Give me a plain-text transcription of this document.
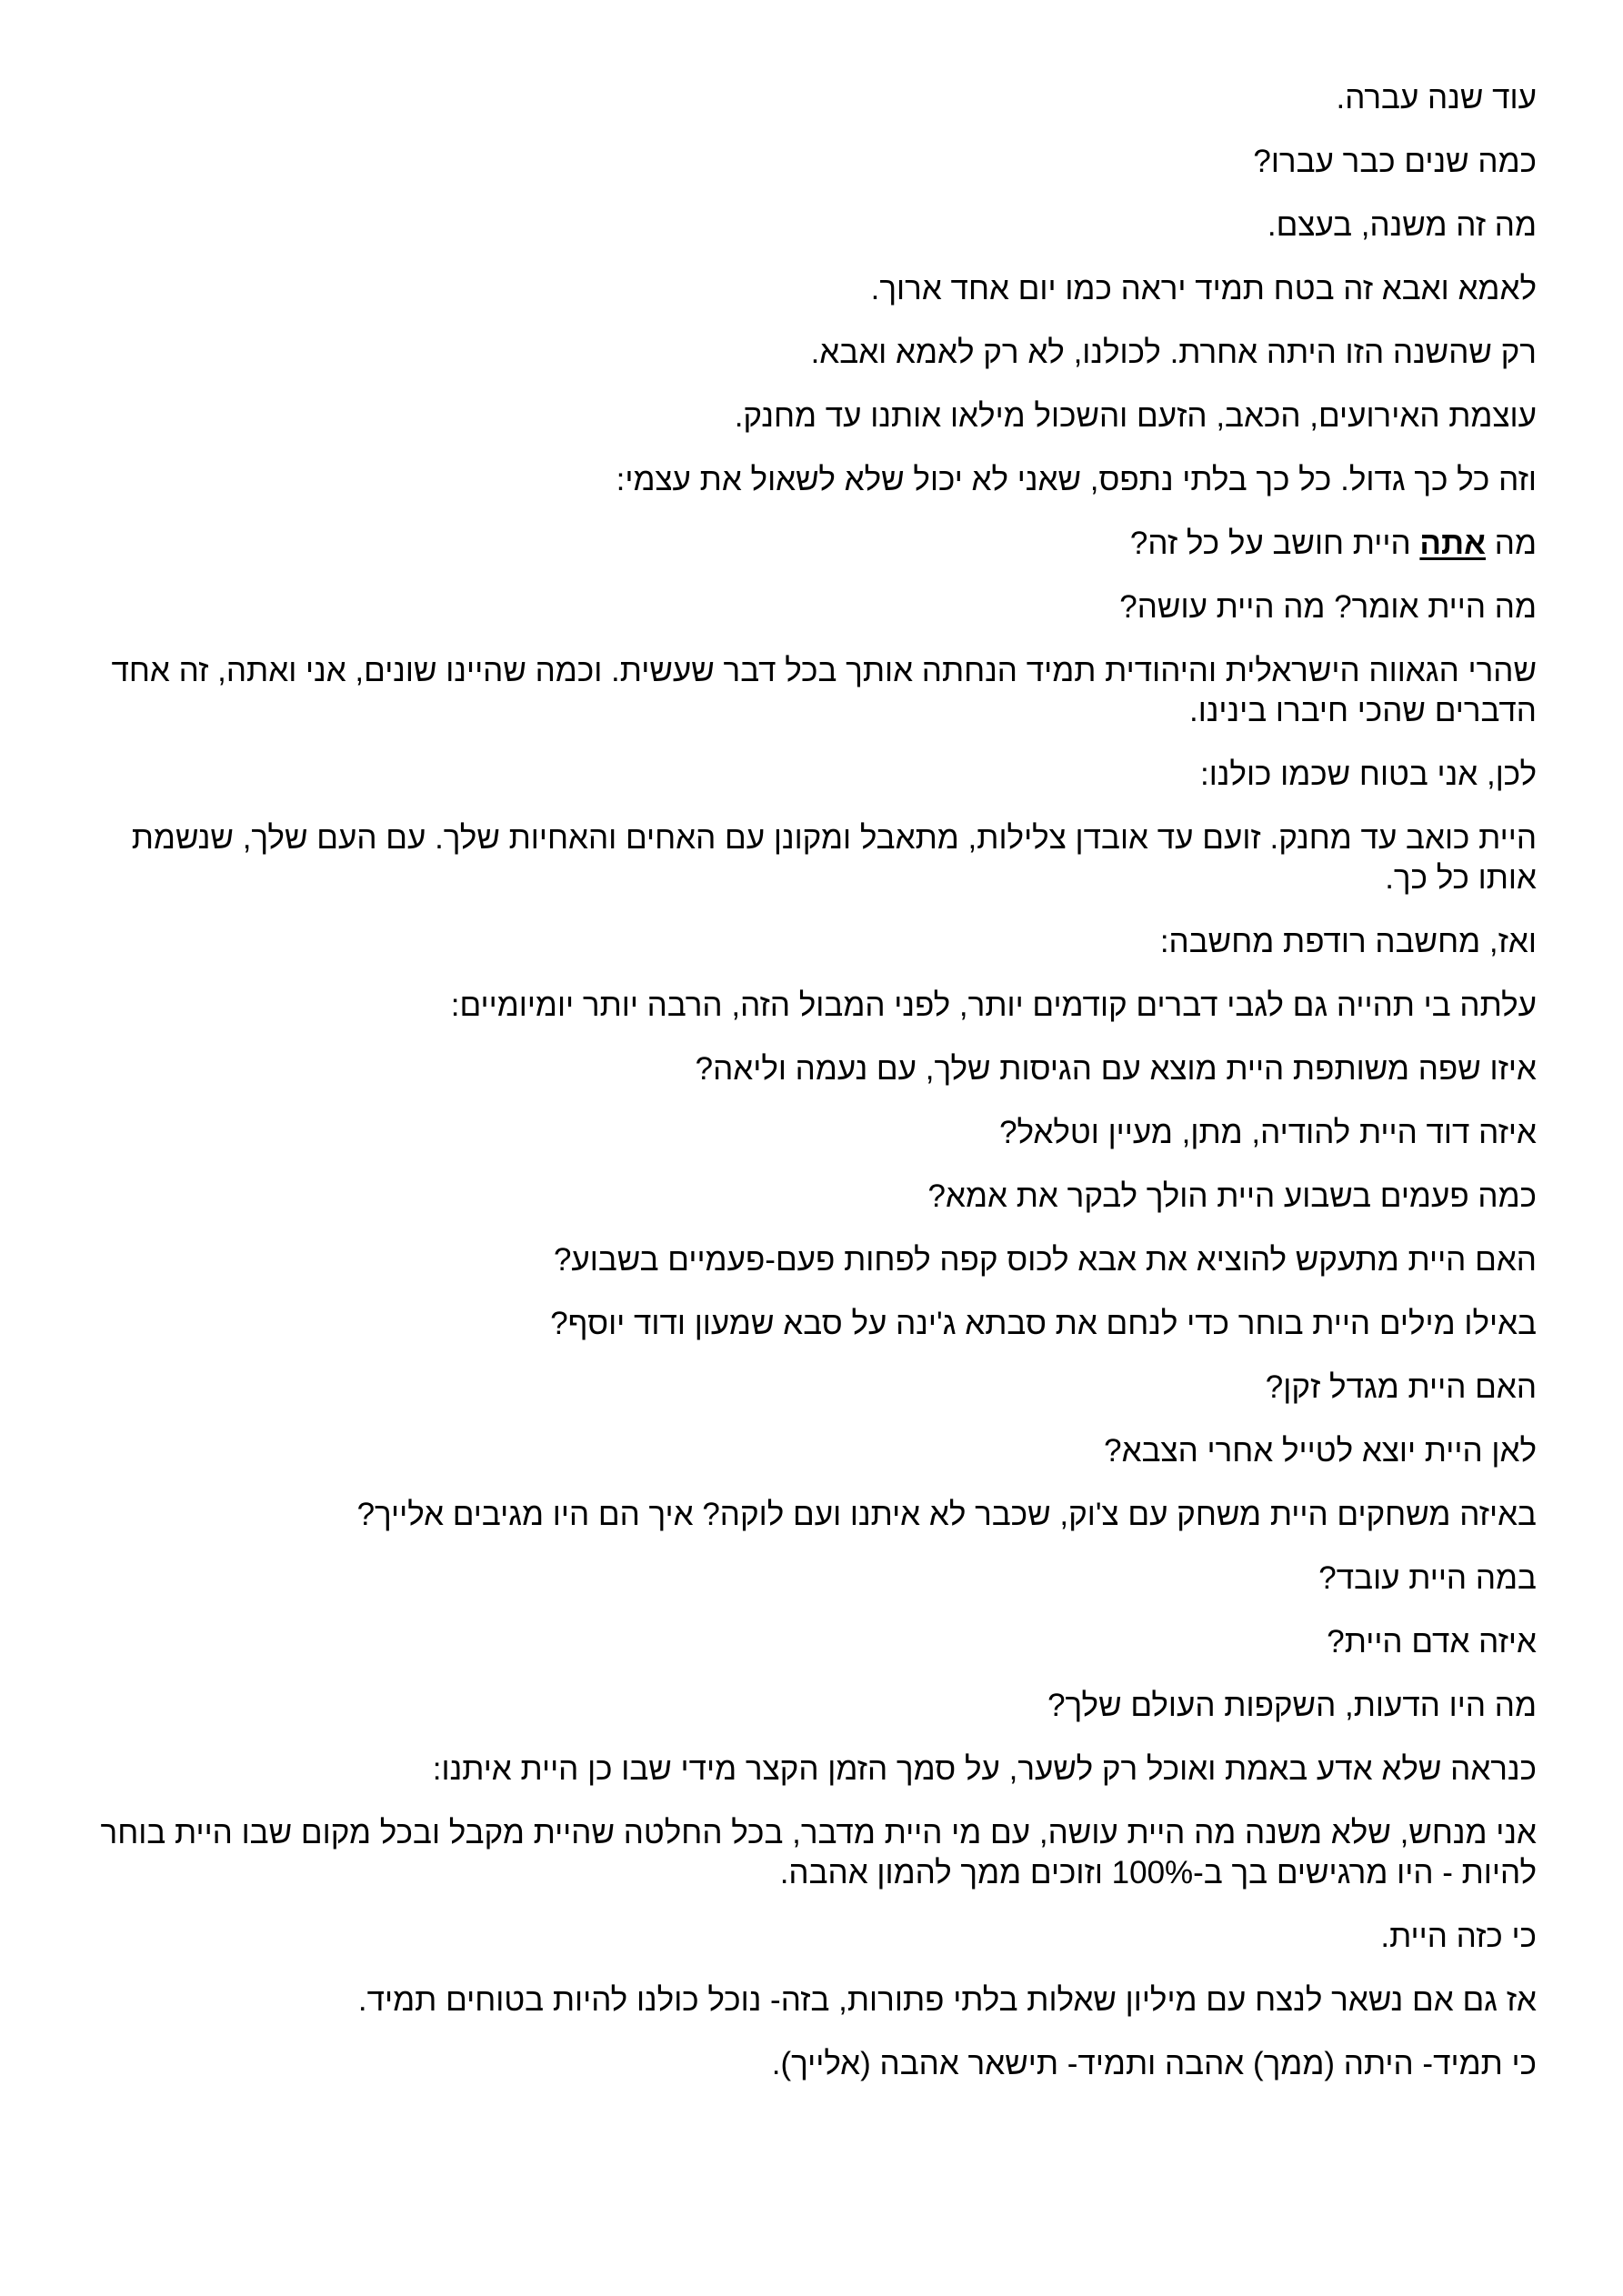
עוד שנה עברה.

כמה שנים כבר עברו?

מה זה משנה, בעצם.

לאמא ואבא זה בטח תמיד יראה כמו יום אחד ארוך.

רק שהשנה הזו היתה אחרת. לכולנו, לא רק לאמא ואבא.

עוצמת האירועים, הכאב, הזעם והשכול מילאו אותנו עד מחנק.

וזה כל כך גדול. כל כך בלתי נתפס, שאני לא יכול שלא לשאול את עצמי:

מה אתה היית חושב על כל זה?

מה היית אומר? מה היית עושה?

שהרי הגאווה הישראלית והיהודית תמיד הנחתה אותך בכל דבר שעשית. וכמה שהיינו שונים, אני ואתה, זה אחד הדברים שהכי חיברו בינינו.

לכן, אני בטוח שכמו כולנו:

היית כואב עד מחנק. זועם עד אובדן צלילות, מתאבל ומקונן עם האחים והאחיות שלך. עם העם שלך, שנשמת אותו כל כך.

ואז, מחשבה רודפת מחשבה:

עלתה בי תהייה גם לגבי דברים קודמים יותר, לפני המבול הזה, הרבה יותר יומיומיים:

איזו שפה משותפת היית מוצא עם הגיסות שלך, עם נעמה וליאה?

איזה דוד היית להודיה, מתן, מעיין וטלאל?

כמה פעמים בשבוע היית הולך לבקר את אמא?

האם היית מתעקש להוציא את אבא לכוס קפה לפחות פעם-פעמיים בשבוע?

באילו מילים היית בוחר כדי לנחם את סבתא ג'ינה על סבא שמעון ודוד יוסף?

האם היית מגדל זקן?

לאן היית יוצא לטייל אחרי הצבא?

באיזה משחקים היית משחק עם צ'וק, שכבר לא איתנו ועם לוקה? איך הם היו מגיבים אלייך?

במה היית עובד?

איזה אדם היית?

מה היו הדעות, השקפות העולם שלך?

כנראה שלא אדע באמת ואוכל רק לשער, על סמך הזמן הקצר מידי שבו כן היית איתנו:

אני מנחש, שלא משנה מה היית עושה, עם מי היית מדבר, בכל החלטה שהיית מקבל ובכל מקום שבו היית בוחר להיות - היו מרגישים בך ב-100% וזוכים ממך להמון אהבה.

כי כזה היית.

אז גם אם נשאר לנצח עם מיליון שאלות בלתי פתורות, בזה- נוכל כולנו להיות בטוחים תמיד.

כי תמיד- היתה (ממך) אהבה ותמיד- תישאר אהבה (אלייך).
